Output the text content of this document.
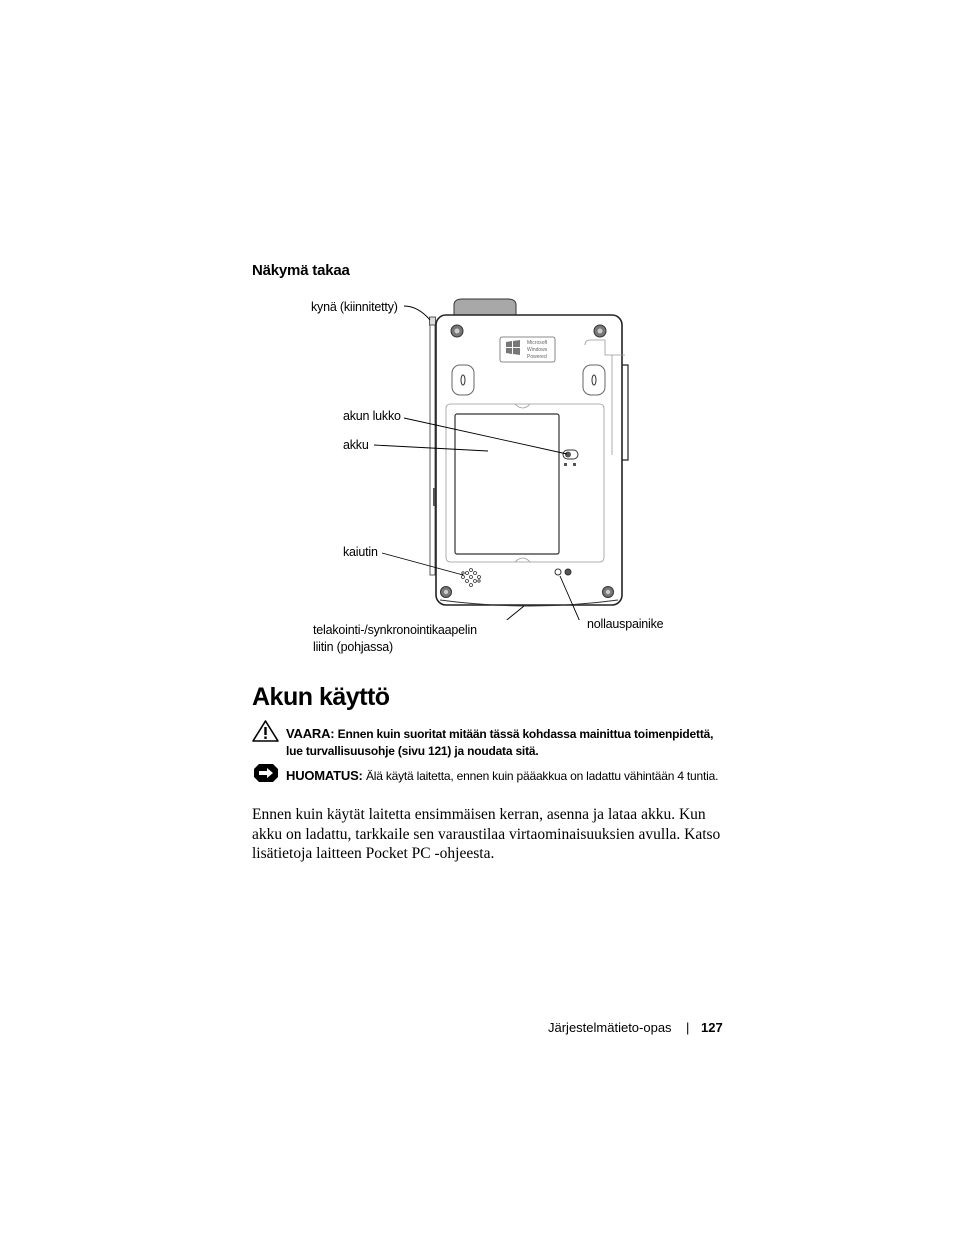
Näkymä takaa
Microsoft
Windows
Powered
kynä (kiinnitetty)
akun lukko
akku
kaiutin
telakointi-/synkronointikaapelin
liitin (pohjassa)
nollauspainike
Akun käyttö
VAARA: Ennen kuin suoritat mitään tässä kohdassa mainittua toimenpidettä, lue turvallisuusohje (sivu 121) ja noudata sitä.
HUOMATUS: Älä käytä laitetta, ennen kuin pääakkua on ladattu vähintään 4 tuntia.
Ennen kuin käytät laitetta ensimmäisen kerran, asenna ja lataa akku. Kun akku on ladattu, tarkkaile sen varaustilaa virtaominaisuuksien avulla. Katso lisätietoja laitteen Pocket PC -ohjeesta.
Järjestelmätieto-opas | 127
